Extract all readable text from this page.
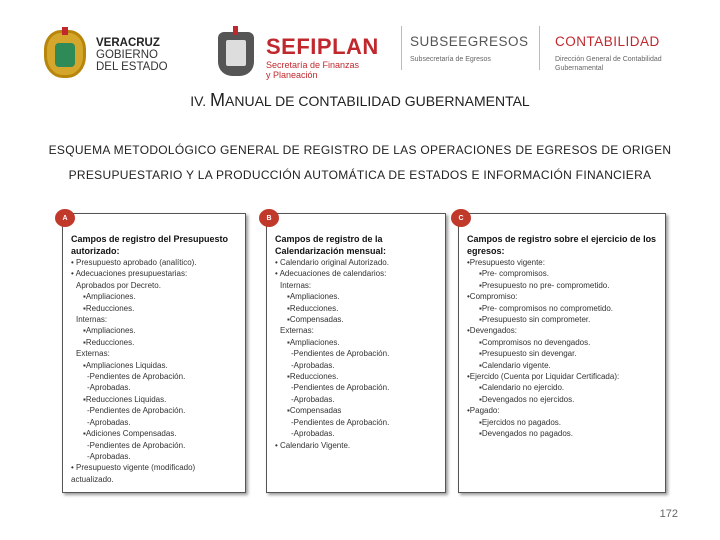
VERACRUZ
GOBIERNO
DEL ESTADO
SEFIPLAN
Secretaría de Finanzas
y Planeación
SUBSEEGRESOS
Subsecretaría de Egresos
CONTABILIDAD
Dirección General de Contabilidad
Gubernamental
IV. MANUAL DE CONTABILIDAD GUBERNAMENTAL
ESQUEMA METODOLÓGICO GENERAL DE REGISTRO DE LAS OPERACIONES DE EGRESOS DE ORIGEN PRESUPUESTARIO Y LA PRODUCCIÓN AUTOMÁTICA DE ESTADOS E INFORMACIÓN FINANCIERA
A
Campos de registro del Presupuesto autorizado:
• Presupuesto aprobado (analítico).
• Adecuaciones presupuestarias:
Aprobados por Decreto.
▪Ampliaciones.
▪Reducciones.
Internas:
▪Ampliaciones.
▪Reducciones.
Externas:
▪Ampliaciones Liquidas.
-Pendientes de Aprobación.
-Aprobadas.
▪Reducciones Liquidas.
-Pendientes de Aprobación.
-Aprobadas.
▪Adiciones Compensadas.
-Pendientes de Aprobación.
-Aprobadas.
• Presupuesto vigente (modificado)
actualizado.
B
Campos de registro de la Calendarización mensual:
• Calendario original Autorizado.
• Adecuaciones de calendarios:
Internas:
▪Ampliaciones.
▪Reducciones.
▪Compensadas.
Externas:
▪Ampliaciones.
-Pendientes de Aprobación.
-Aprobadas.
▪Reducciones.
-Pendientes de Aprobación.
-Aprobadas.
▪Compensadas
-Pendientes de Aprobación.
-Aprobadas.
• Calendario Vigente.
C
Campos de registro sobre el ejercicio de los egresos:
•Presupuesto vigente:
▪Pre- compromisos.
▪Presupuesto no pre- comprometido.
•Compromiso:
▪Pre- compromisos no comprometido.
▪Presupuesto sin comprometer.
•Devengados:
▪Compromisos no devengados.
▪Presupuesto sin devengar.
▪Calendario vigente.
•Ejercido (Cuenta por Liquidar Certificada):
▪Calendario no ejercido.
▪Devengados no ejercidos.
•Pagado:
▪Ejercidos no pagados.
▪Devengados no pagados.
172
